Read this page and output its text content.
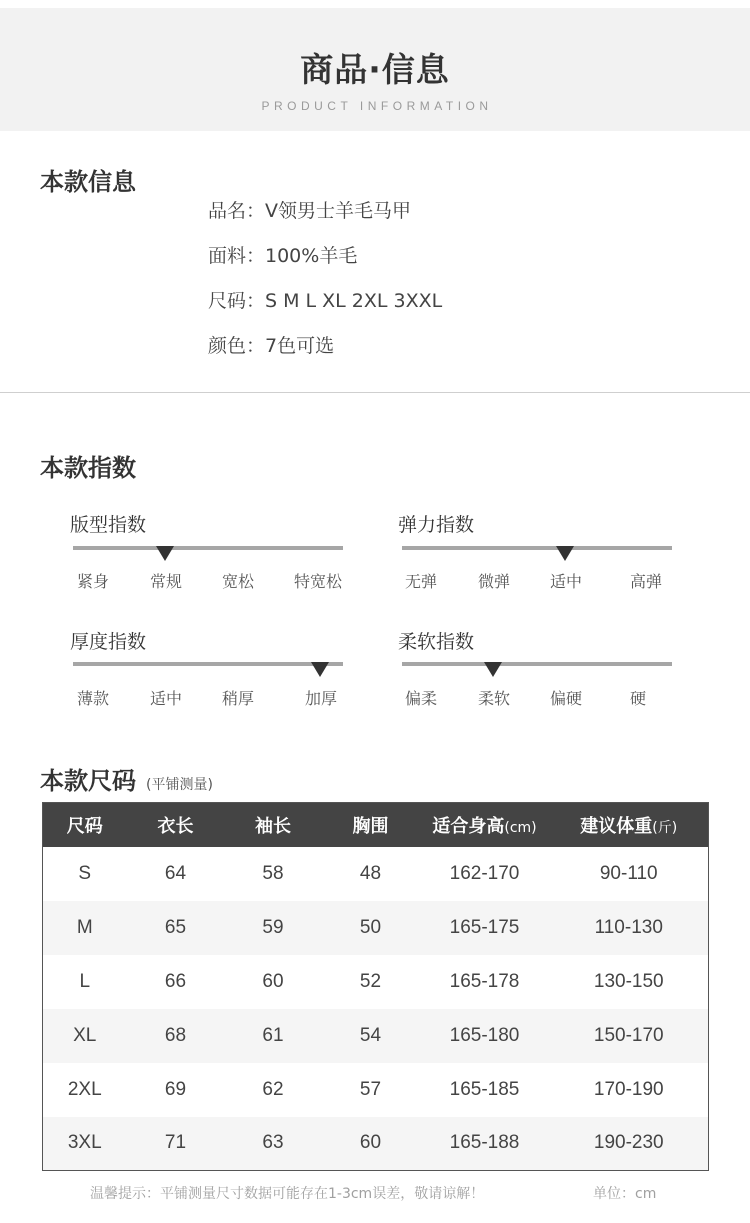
商品·信息
PRODUCT INFORMATION
本款信息
品名：V领男士羊毛马甲
面料：100%羊毛
尺码：S M L XL 2XL 3XXL
颜色：7色可选
本款指数
版型指数
紧身	常规 宽松 特宽松
弹力指数
无弹	微弹 适中	高弹
厚度指数
薄款	适中 稍厚	加厚
柔软指数
偏柔	柔软 偏硬	硬
本款尺码 (平铺测量)
尺码	衣长	袖长	胸围	适合身高(cm)	建议体重(斤)
S	64	58	48	162-170	90-110
M	65	59	50	165-175	110-130
L	66	60	52	165-178	130-150
XL	68	61	54	165-180	150-170
2XL	69	62	57	165-185	170-190
3XL	71	63	60	165-188	190-230
温馨提示：平铺测量尺寸数据可能存在1-3cm误差，敬请谅解！	单位：cm
